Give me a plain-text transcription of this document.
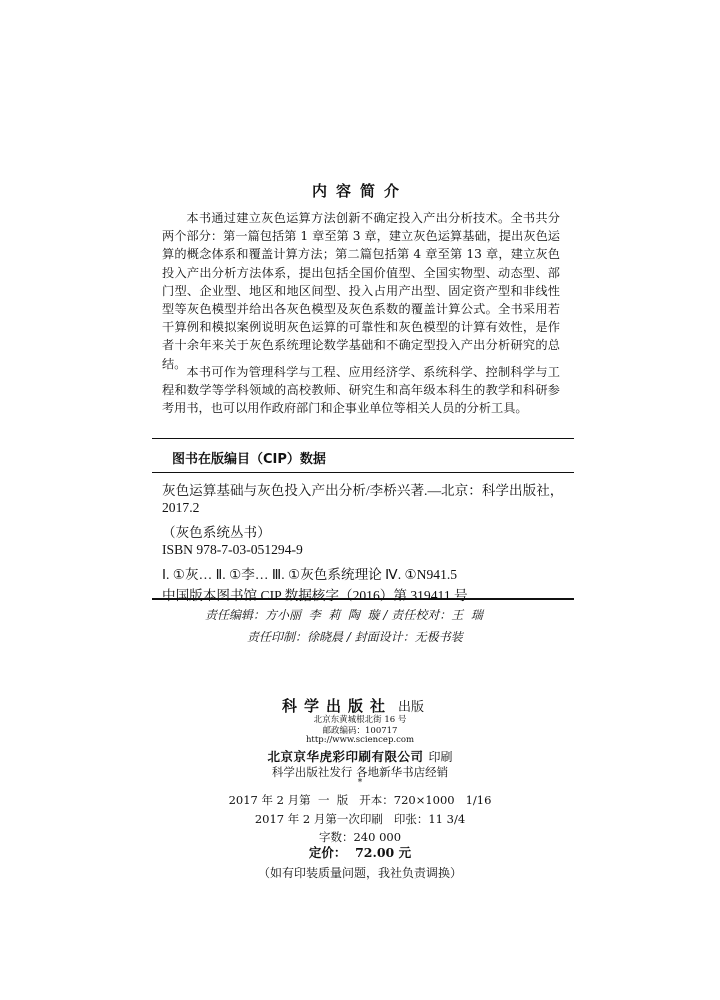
内容简介

本书通过建立灰色运算方法创新不确定投入产出分析技术。全书共分两个部分：第一篇包括第 1 章至第 3 章，建立灰色运算基础，提出灰色运算的概念体系和覆盖计算方法；第二篇包括第 4 章至第 13 章，建立灰色投入产出分析方法体系，提出包括全国价值型、全国实物型、动态型、部门型、企业型、地区和地区间型、投入占用产出型、固定资产型和非线性型等灰色模型并给出各灰色模型及灰色系数的覆盖计算公式。全书采用若干算例和模拟案例说明灰色运算的可靠性和灰色模型的计算有效性，是作者十余年来关于灰色系统理论数学基础和不确定型投入产出分析研究的总结。

本书可作为管理科学与工程、应用经济学、系统科学、控制科学与工程和数学等学科领域的高校教师、研究生和高年级本科生的教学和科研参考用书，也可以用作政府部门和企事业单位等相关人员的分析工具。

图书在版编目（CIP）数据
灰色运算基础与灰色投入产出分析/李桥兴著.—北京：科学出版社，
2017.2
（灰色系统丛书）
ISBN 978-7-03-051294-9
Ⅰ. ①灰… Ⅱ. ①李… Ⅲ. ①灰色系统理论 Ⅳ. ①N941.5
中国版本图书馆 CIP 数据核字（2016）第 319411 号
责任编辑：方小丽  李  莉  陶  璇 / 责任校对：王  瑞
责任印制：徐晓晨 / 封面设计：无极书装
科学出版社 出版
北京东黄城根北街 16 号
邮政编码：100717
http://www.sciencep.com
北京京华虎彩印刷有限公司 印刷
科学出版社发行 各地新华书店经销
*
2017 年 2 月第  一  版   开本：720×1000   1/16
2017 年 2 月第一次印刷   印张：11 3/4
字数：240 000
定价：  72.00 元
（如有印装质量问题，我社负责调换）
